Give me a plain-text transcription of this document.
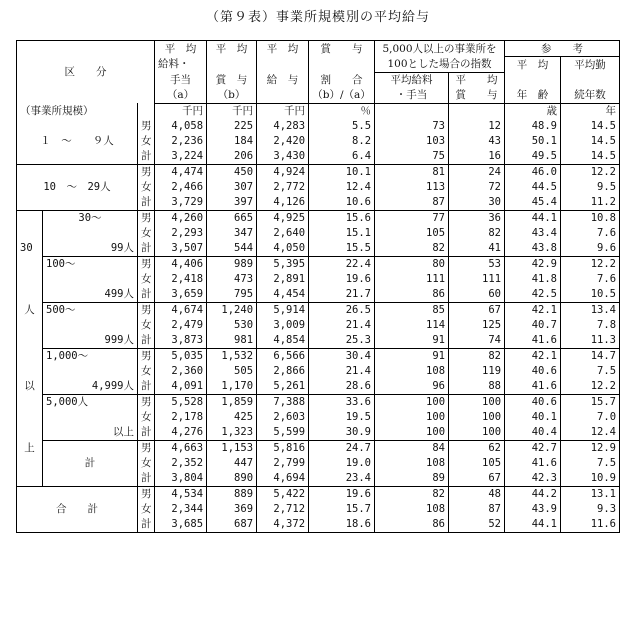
（第９表）事業所規模別の平均給与
区　　分			平　均	平　均	平　均	賞　　与	5,000人以上の事業所を		参　　考	
			給料・				100とした場合の指数		平　均	平均勤
			手当	賞　与	給　与	割　　合	平均給料	平　　均		
			（a）	（b）		（b）/（a）	・手当	賞　　与	年　齢	続年数
（事業所規模）			千円	千円	千円	％			歳	年
		男	4,058	225	4,283	5.5	73	12	48.9	14.5
１　〜　　９人		女	2,236	184	2,420	8.2	103	43	50.1	14.5
		計	3,224	206	3,430	6.4	75	16	49.5	14.5
		男	4,474	450	4,924	10.1	81	24	46.0	12.2
10　〜　29人		女	2,466	307	2,772	12.4	113	72	44.5	9.5
		計	3,729	397	4,126	10.6	87	30	45.4	11.2
	30〜	男	4,260	665	4,925	15.6	77	36	44.1	10.8
		女	2,293	347	2,640	15.1	105	82	43.4	7.6
30	99人	計	3,507	544	4,050	15.5	82	41	43.8	9.6
	100〜	男	4,406	989	5,395	22.4	80	53	42.9	12.2
		女	2,418	473	2,891	19.6	111	111	41.8	7.6
	499人	計	3,659	795	4,454	21.7	86	60	42.5	10.5
人	500〜	男	4,674	1,240	5,914	26.5	85	67	42.1	13.4
		女	2,479	530	3,009	21.4	114	125	40.7	7.8
	999人	計	3,873	981	4,854	25.3	91	74	41.6	11.3
	1,000〜	男	5,035	1,532	6,566	30.4	91	82	42.1	14.7
		女	2,360	505	2,866	21.4	108	119	40.6	7.5
以	4,999人	計	4,091	1,170	5,261	28.6	96	88	41.6	12.2
	5,000人	男	5,528	1,859	7,388	33.6	100	100	40.6	15.7
		女	2,178	425	2,603	19.5	100	100	40.1	7.0
	以上	計	4,276	1,323	5,599	30.9	100	100	40.4	12.4
上		男	4,663	1,153	5,816	24.7	84	62	42.7	12.9
	計	女	2,352	447	2,799	19.0	108	105	41.6	7.5
		計	3,804	890	4,694	23.4	89	67	42.3	10.9
		男	4,534	889	5,422	19.6	82	48	44.2	13.1
合　　計		女	2,344	369	2,712	15.7	108	87	43.9	9.3
		計	3,685	687	4,372	18.6	86	52	44.1	11.6
